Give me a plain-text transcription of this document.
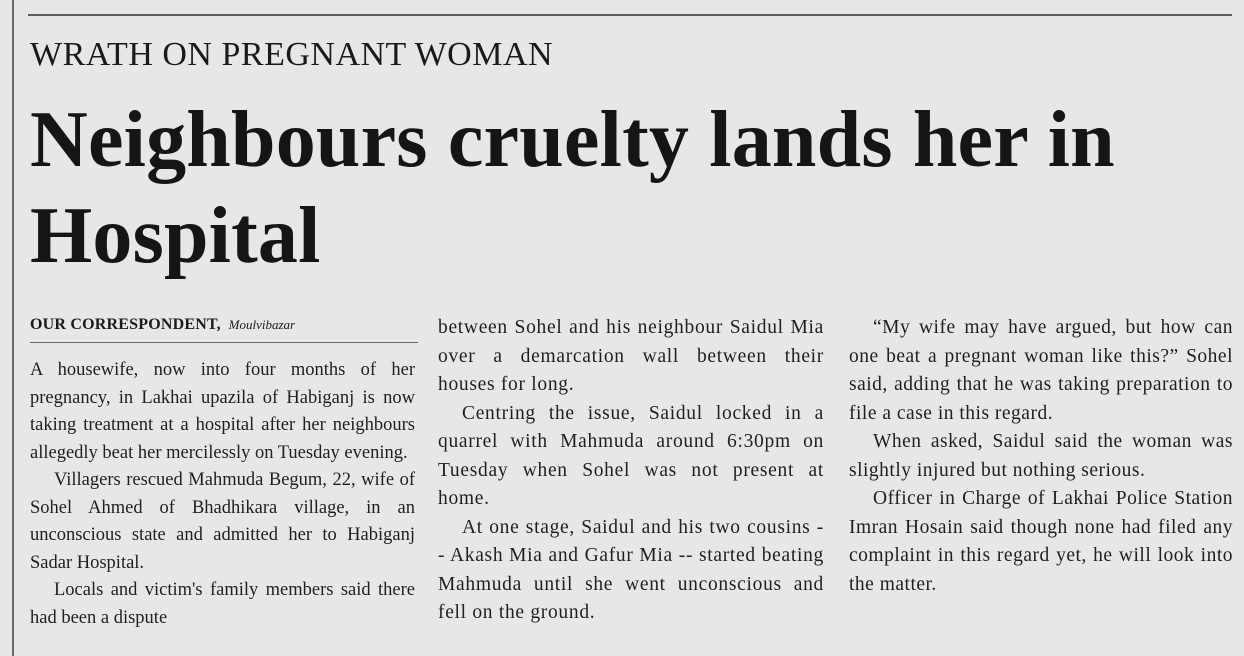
WRATH ON PREGNANT WOMAN
Neighbours cruelty lands her in Hospital
OUR CORRESPONDENT, Moulvibazar

A housewife, now into four months of her pregnancy, in Lakhai upazila of Habiganj is now taking treatment at a hospital after her neighbours allegedly beat her mercilessly on Tuesday evening.

Villagers rescued Mahmuda Begum, 22, wife of Sohel Ahmed of Bhadhikara village, in an unconscious state and admitted her to Habiganj Sadar Hospital.

Locals and victim's family members said there had been a dispute

between Sohel and his neighbour Saidul Mia over a demarcation wall between their houses for long.

Centring the issue, Saidul locked in a quarrel with Mahmuda around 6:30pm on Tuesday when Sohel was not present at home.

At one stage, Saidul and his two cousins -- Akash Mia and Gafur Mia -- started beating Mahmuda until she went unconscious and fell on the ground.

“My wife may have argued, but how can one beat a pregnant woman like this?” Sohel said, adding that he was taking preparation to file a case in this regard.

When asked, Saidul said the woman was slightly injured but nothing serious.

Officer in Charge of Lakhai Police Station Imran Hosain said though none had filed any complaint in this regard yet, he will look into the matter.
